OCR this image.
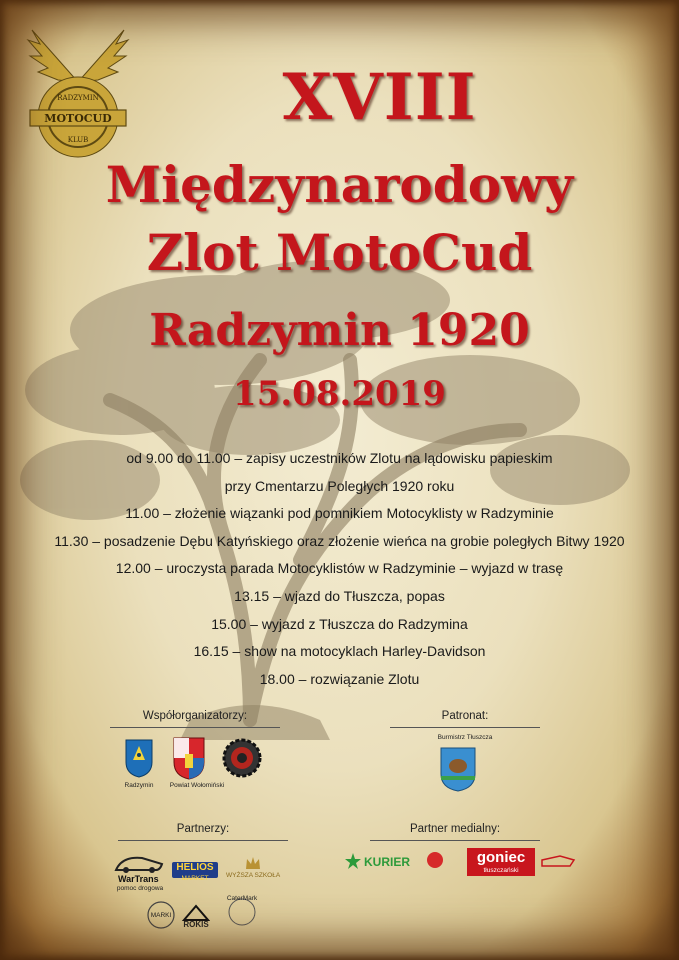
MOTOCUD
RADZYMIN
KLUB
XVIII
Międzynarodowy
Zlot MotoCud
Radzymin 1920
15.08.2019
od 9.00 do 11.00 – zapisy uczestników Zlotu na lądowisku papieskim
przy Cmentarzu Poległych 1920 roku
11.00 – złożenie wiązanki pod pomnikiem Motocyklisty w Radzyminie
11.30 – posadzenie Dębu Katyńskiego oraz złożenie wieńca na grobie poległych Bitwy 1920
12.00 – uroczysta parada Motocyklistów w Radzyminie – wyjazd w trasę
13.15 – wjazd do Tłuszcza, popas
15.00 – wyjazd z Tłuszcza do Radzymina
16.15 – show na motocyklach Harley-Davidson
18.00 – rozwiązanie Zlotu
Współorganizatorzy:
Radzymin	Powiat Wołomiński
Patronat:
Burmistrz Tłuszcza
Partnerzy:
WarTrans
pomoc drogowa
HELIOS
MARKET	WYŻSZA SZKOŁA
MARKI
ROKIS
CaterMark
Partner medialny:
KURIER	goniec
tłuszczański
